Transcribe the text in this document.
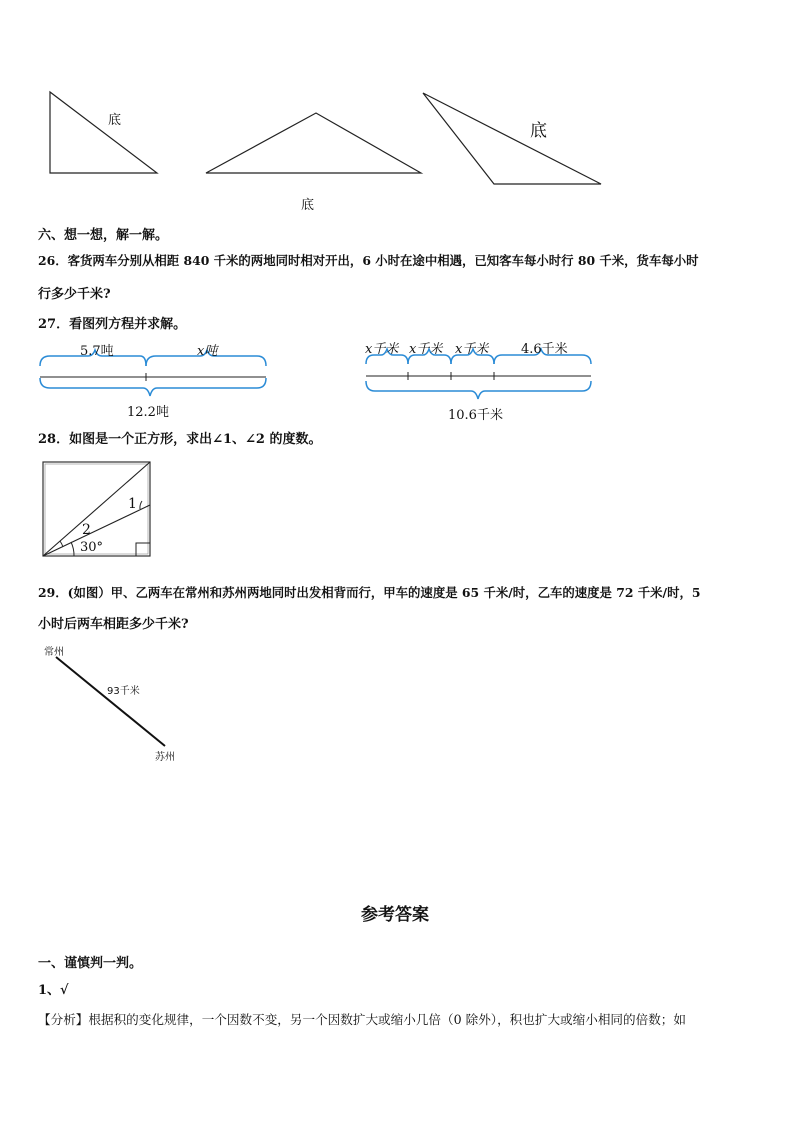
底
底
底
六、想一想，解一解。
26．客货两车分别从相距 840 千米的两地同时相对开出，6 小时在途中相遇，已知客车每小时行 80 千米，货车每小时
行多少千米?
27．看图列方程并求解。
5.7吨	x吨
12.2吨
x千米 x千米 x千米	4.6千米
10.6千米
28．如图是一个正方形，求出∠1、∠2 的度数。
1
2
30°
29．(如图）甲、乙两车在常州和苏州两地同时出发相背而行，甲车的速度是 65 千米/时，乙车的速度是 72 千米/时，5
小时后两车相距多少千米?
常州
93千米
苏州
参考答案
一、谨慎判一判。
1、√
【分析】根据积的变化规律，一个因数不变，另一个因数扩大或缩小几倍（0 除外），积也扩大或缩小相同的倍数；如
